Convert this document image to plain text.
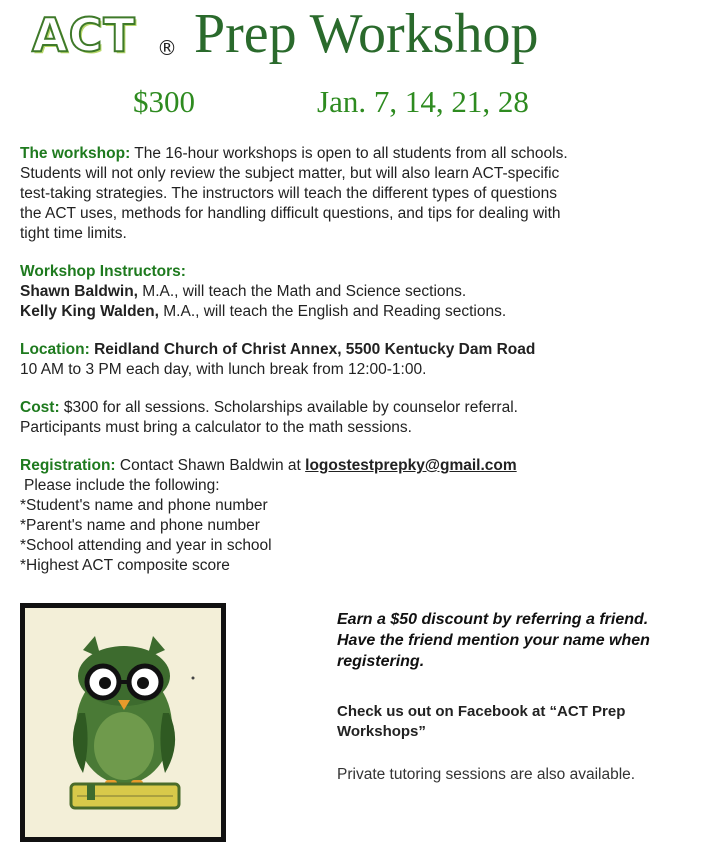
ACT ® Prep Workshop
$300	Jan. 7, 14, 21, 28
The workshop: The 16-hour workshops is open to all students from all schools.
Students will not only review the subject matter, but will also learn ACT-specific
test-taking strategies. The instructors will teach the different types of questions
the ACT uses, methods for handling difficult questions, and tips for dealing with
tight time limits.
Workshop Instructors:
Shawn Baldwin, M.A., will teach the Math and Science sections.
Kelly King Walden, M.A., will teach the English and Reading sections.
Location: Reidland Church of Christ Annex, 5500 Kentucky Dam Road
10 AM to 3 PM each day, with lunch break from 12:00-1:00.
Cost: $300 for all sessions. Scholarships available by counselor referral.
Participants must bring a calculator to the math sessions.
Registration: Contact Shawn Baldwin at logostestprepky@gmail.com
Please include the following:
*Student's name and phone number
*Parent's name and phone number
*School attending and year in school
*Highest ACT composite score
Earn a $50 discount by referring a friend.
Have the friend mention your name when
registering.
Check us out on Facebook at “ACT Prep
Workshops”
Private tutoring sessions are also available.
